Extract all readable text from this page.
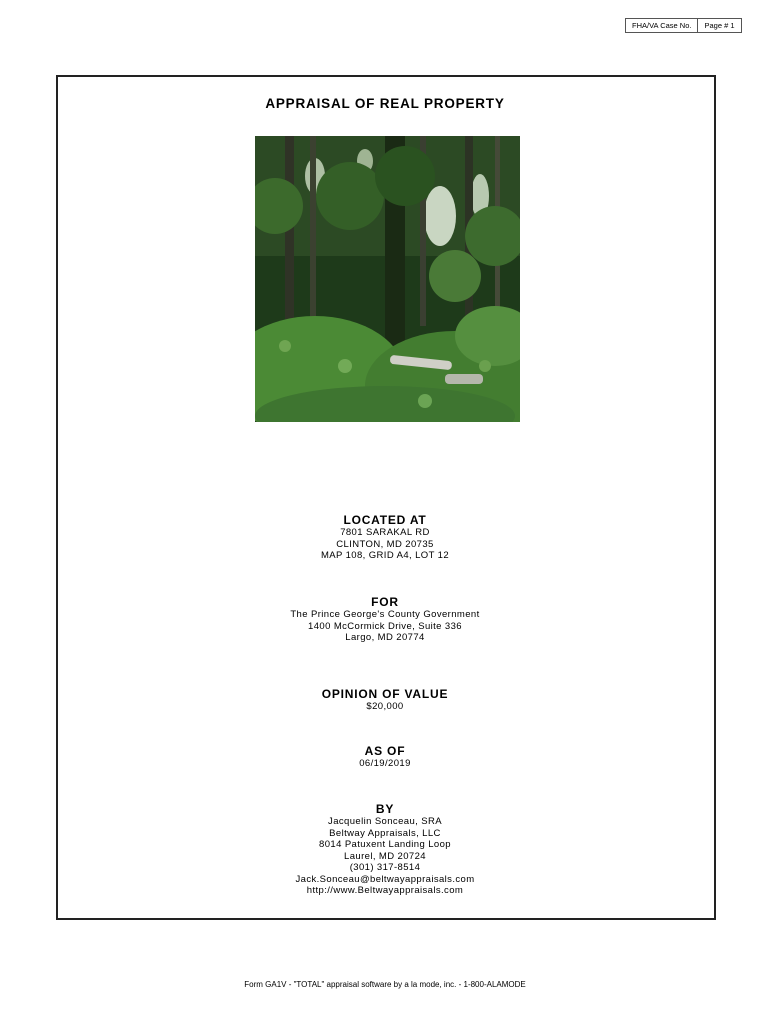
FHA/VA Case No.	Page # 1
APPRAISAL OF REAL PROPERTY
LOCATED AT
7801 SARAKAL RD
CLINTON, MD 20735
MAP 108, GRID A4, LOT 12
FOR
The Prince George's County Government
1400 McCormick Drive, Suite 336
Largo, MD 20774
OPINION OF VALUE
$20,000
AS OF
06/19/2019
BY
Jacquelin Sonceau, SRA
Beltway Appraisals, LLC
8014 Patuxent Landing Loop
Laurel, MD 20724
(301) 317-8514
Jack.Sonceau@beltwayappraisals.com
http://www.Beltwayappraisals.com
Form GA1V - "TOTAL" appraisal software by a la mode, inc. - 1-800-ALAMODE
